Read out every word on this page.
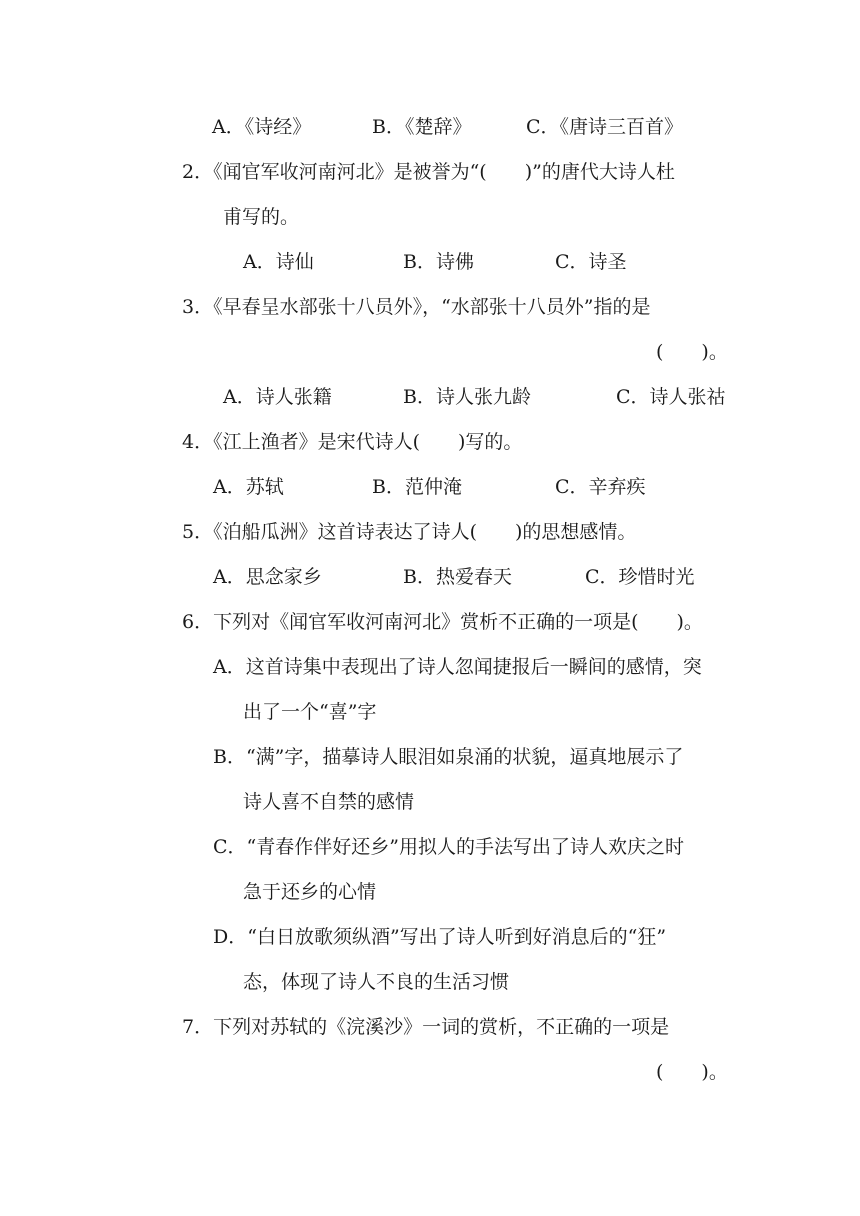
A．《诗经》	B．《楚辞》	C．《唐诗三百首》
2．《闻官军收河南河北》是被誉为“(　　)”的唐代大诗人杜
甫写的。
A．诗仙	B．诗佛	C．诗圣
3．《早春呈水部张十八员外》，“水部张十八员外”指的是
(　　)。
A．诗人张籍	B．诗人张九龄	C．诗人张祜
4．《江上渔者》是宋代诗人(　　)写的。
A．苏轼	B．范仲淹	C．辛弃疾
5．《泊船瓜洲》这首诗表达了诗人(　　)的思想感情。
A．思念家乡	B．热爱春天	C．珍惜时光
6．下列对《闻官军收河南河北》赏析不正确的一项是(　　)。
A．这首诗集中表现出了诗人忽闻捷报后一瞬间的感情，突
出了一个“喜”字
B．“满”字，描摹诗人眼泪如泉涌的状貌，逼真地展示了
诗人喜不自禁的感情
C．“青春作伴好还乡”用拟人的手法写出了诗人欢庆之时
急于还乡的心情
D．“白日放歌须纵酒”写出了诗人听到好消息后的“狂”
态，体现了诗人不良的生活习惯
7．下列对苏轼的《浣溪沙》一词的赏析，不正确的一项是
(　　)。
